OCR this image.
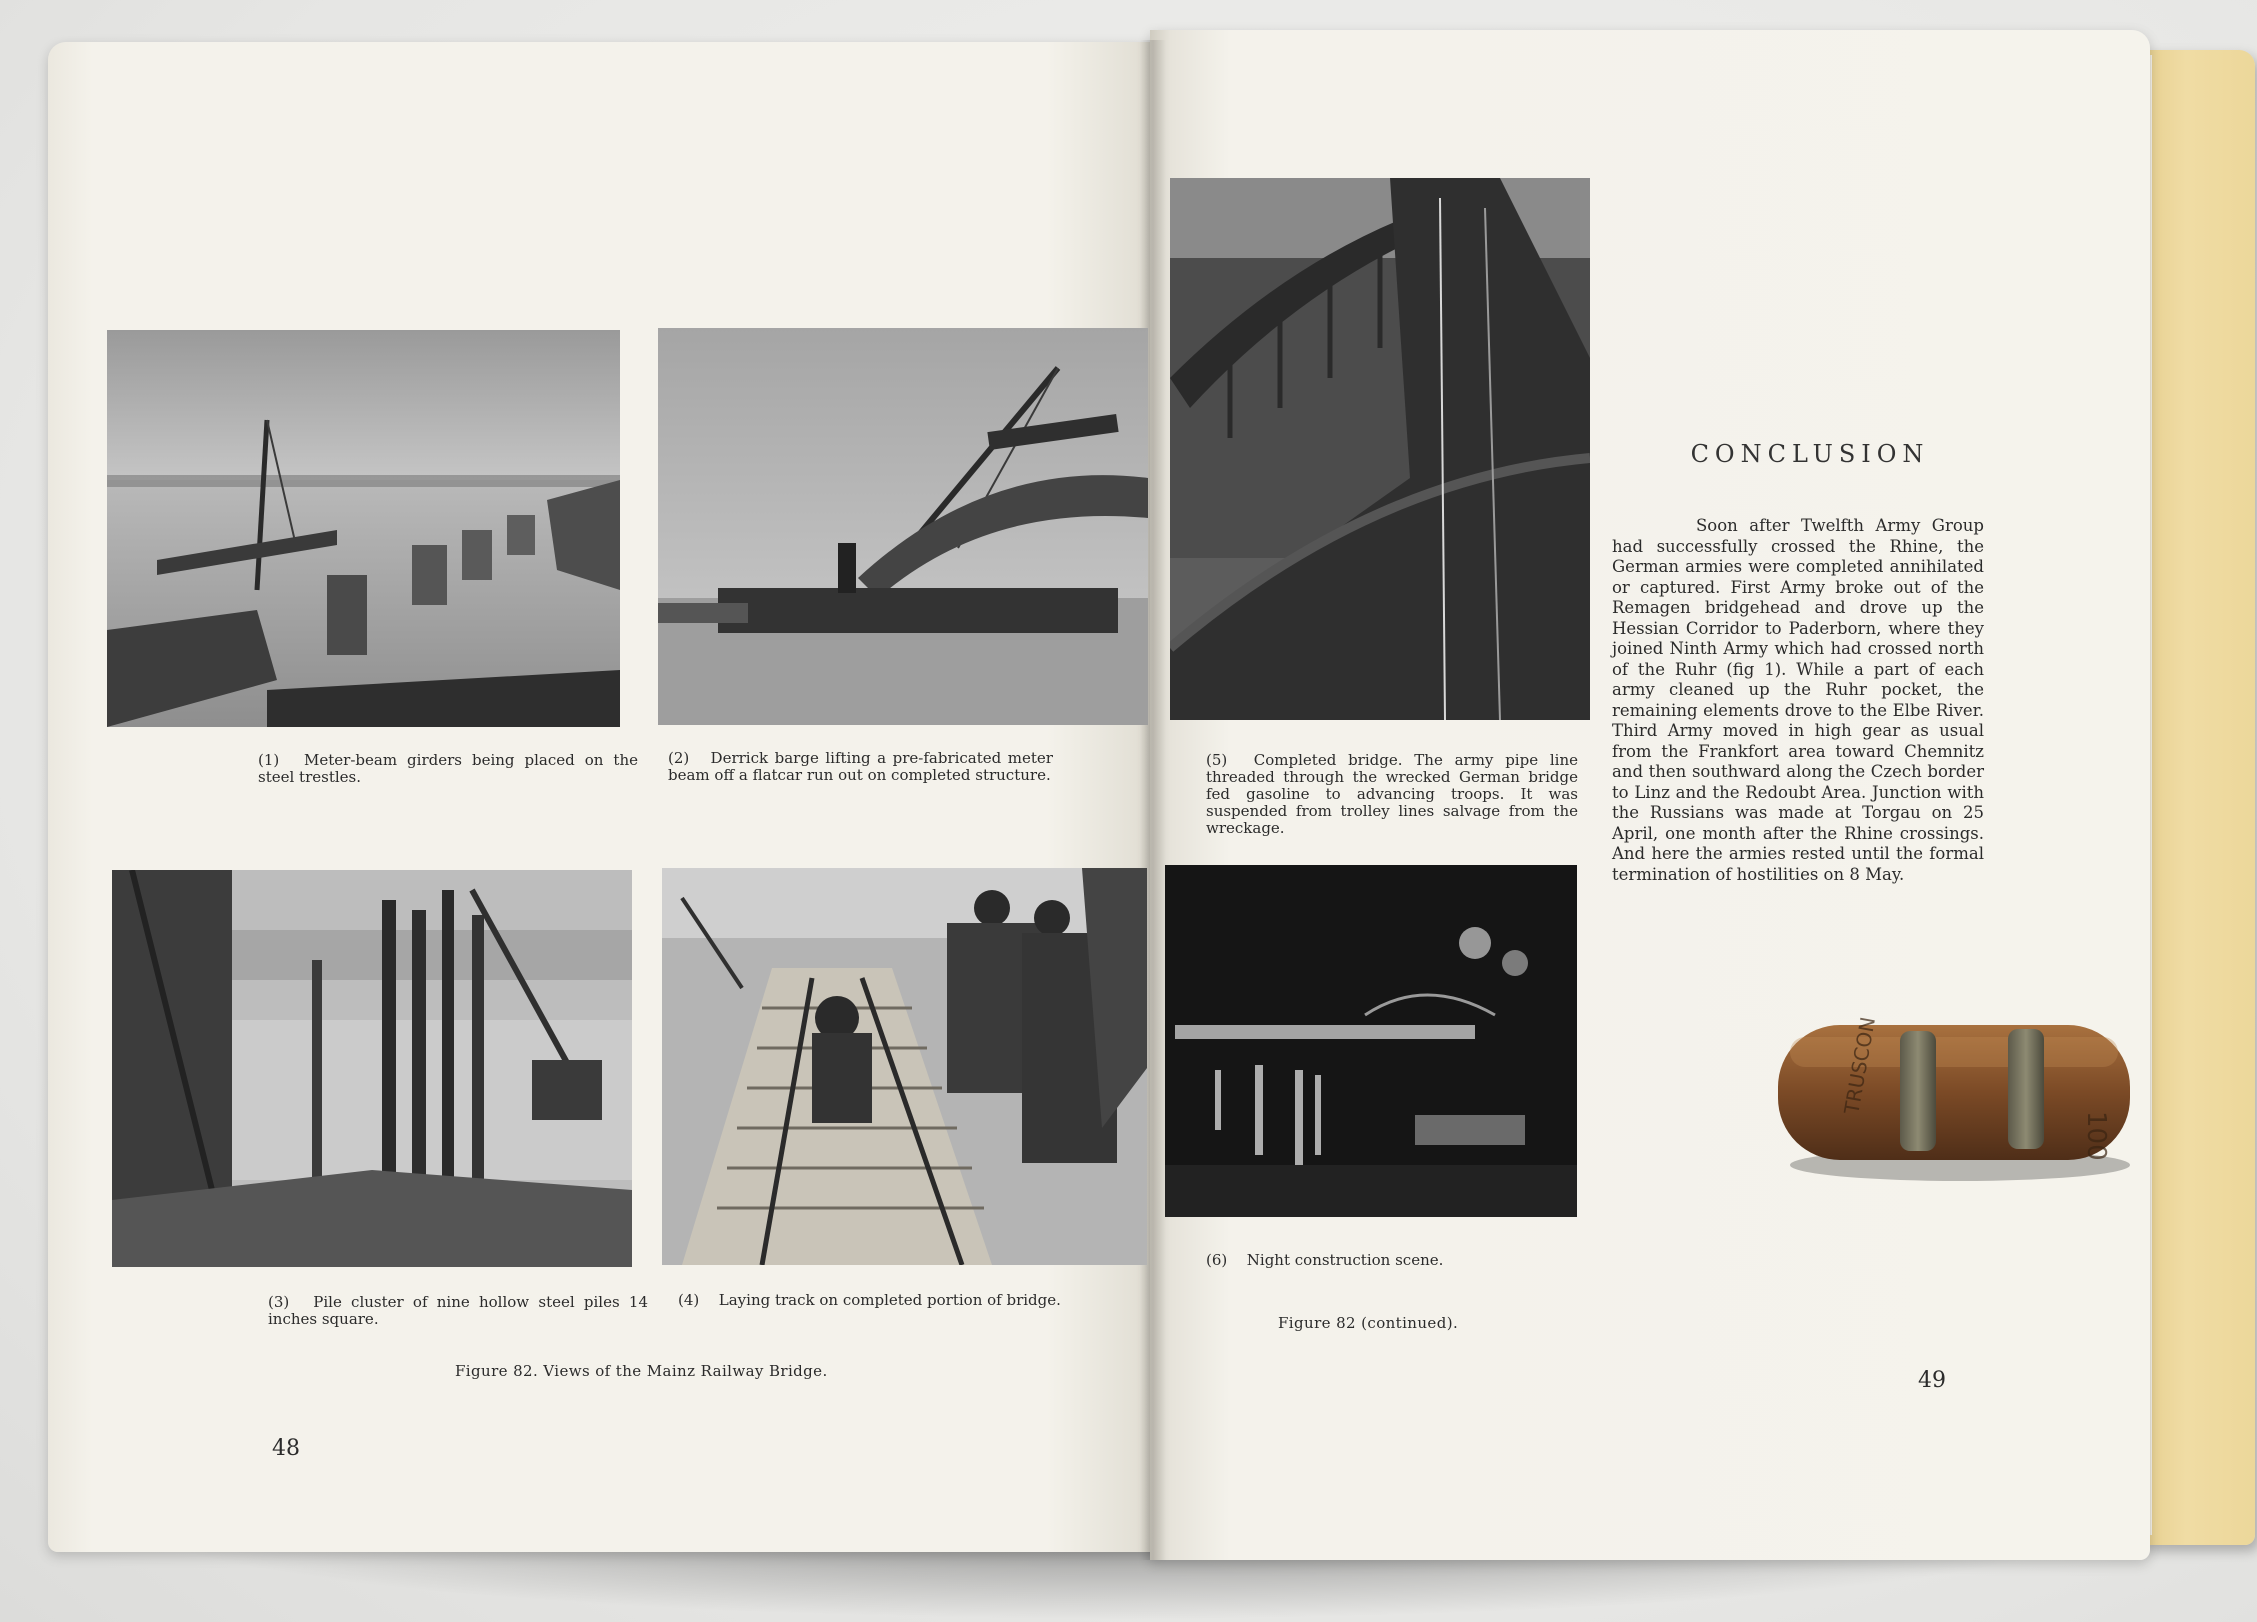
(1) Meter-beam girders being placed on the steel trestles.
(2) Derrick barge lifting a pre-fabricated meter beam off a flatcar run out on completed structure.
(3) Pile cluster of nine hollow steel piles 14 inches square.
(4) Laying track on completed portion of bridge.
Figure 82. Views of the Mainz Railway Bridge.
48
(5) Completed bridge. The army pipe line threaded through the wrecked German bridge fed gasoline to advancing troops. It was suspended from trolley lines salvage from the wreckage.
(6) Night construction scene.
Figure 82 (continued).
CONCLUSION
Soon after Twelfth Army Group had successfully crossed the Rhine, the German armies were completed annihilated or captured. First Army broke out of the Remagen bridgehead and drove up the Hessian Corridor to Paderborn, where they joined Ninth Army which had crossed north of the Ruhr (fig 1). While a part of each army cleaned up the Ruhr pocket, the remaining elements drove to the Elbe River. Third Army moved in high gear as usual from the Frankfort area toward Chemnitz and then southward along the Czech border to Linz and the Redoubt Area. Junction with the Russians was made at Torgau on 25 April, one month after the Rhine crossings. And here the armies rested until the formal termination of hostilities on 8 May.
49
TRUSCON
100
